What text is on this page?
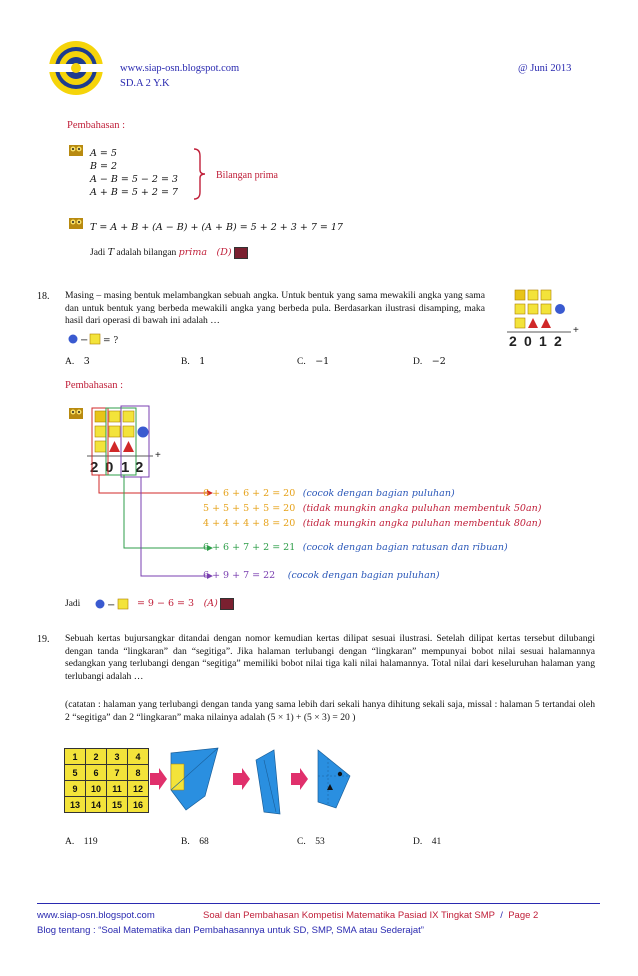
www.siap-osn.blogspot.com
SD.A 2 Y.K
@ Juni 2013
Pembahasan :
A = 5
B = 2
A − B = 5 − 2 = 3
A + B = 5 + 2 = 7
Bilangan prima
T = A + B + (A − B) + (A + B) = 5 + 2 + 3 + 7 = 17
Jadi T adalah bilangan prima (D)
18. Masing – masing bentuk melambangkan sebuah angka. Untuk bentuk yang sama mewakili angka yang sama dan untuk bentuk yang berbeda mewakili angka yang berbeda pula. Berdasarkan ilustrasi disamping, maka hasil dari operasi di bawah ini adalah …
2 0 1 2
+
− = ?
A. 3	B. 1	C. −1	D. −2
Pembahasan :
+
2 0 1 2
6 + 6 + 6 + 2 = 20 (cocok dengan bagian puluhan)
5 + 5 + 5 + 5 = 20 (tidak mungkin angka puluhan membentuk 50an)
4 + 4 + 4 + 8 = 20 (tidak mungkin angka puluhan membentuk 80an)
6 + 6 + 7 + 2 = 21 (cocok dengan bagian ratusan dan ribuan)
6 + 9 + 7 = 22 (cocok dengan bagian puluhan)
Jadi	− = 9 − 6 = 3 (A)
19. Sebuah kertas bujursangkar ditandai dengan nomor kemudian kertas dilipat sesuai ilustrasi. Setelah dilipat kertas tersebut dilubangi dengan tanda “lingkaran” dan “segitiga”. Jika halaman terlubangi dengan “lingkaran” mempunyai bobot nilai sesuai halamannya sedangkan yang terlubangi dengan “segitiga” memiliki bobot nilai tiga kali nilai halamannya. Total nilai dari keseluruhan halaman yang terlubangi adalah …
(catatan : halaman yang terlubangi dengan tanda yang sama lebih dari sekali hanya dihitung sekali saja, missal : halaman 5 tertandai oleh 2 “segitiga” dan 2 “lingkaran” maka nilainya adalah (5 × 1) + (5 × 3) = 20 )
1	2	3	4
5	6	7	8
9	10	11	12
13	14	15	16
A. 119	B. 68	C. 53	D. 41
www.siap-osn.blogspot.com	Soal dan Pembahasan Kompetisi Matematika Pasiad IX Tingkat SMP / Page 2
Blog tentang : “Soal Matematika dan Pembahasannya untuk SD, SMP, SMA atau Sederajat”
